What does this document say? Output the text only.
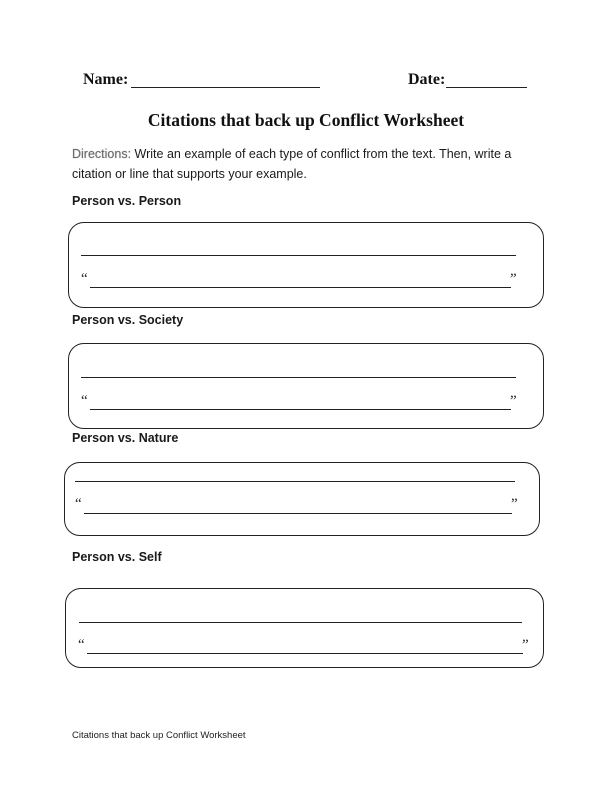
Name:	Date:
Citations that back up Conflict Worksheet

Directions: Write an example of each type of conflict from the text. Then, write a citation or line that supports your example.

Person vs. Person

“	”

Person vs. Society

“	”

Person vs. Nature

“	”

Person vs. Self

“	”

Citations that back up Conflict Worksheet
